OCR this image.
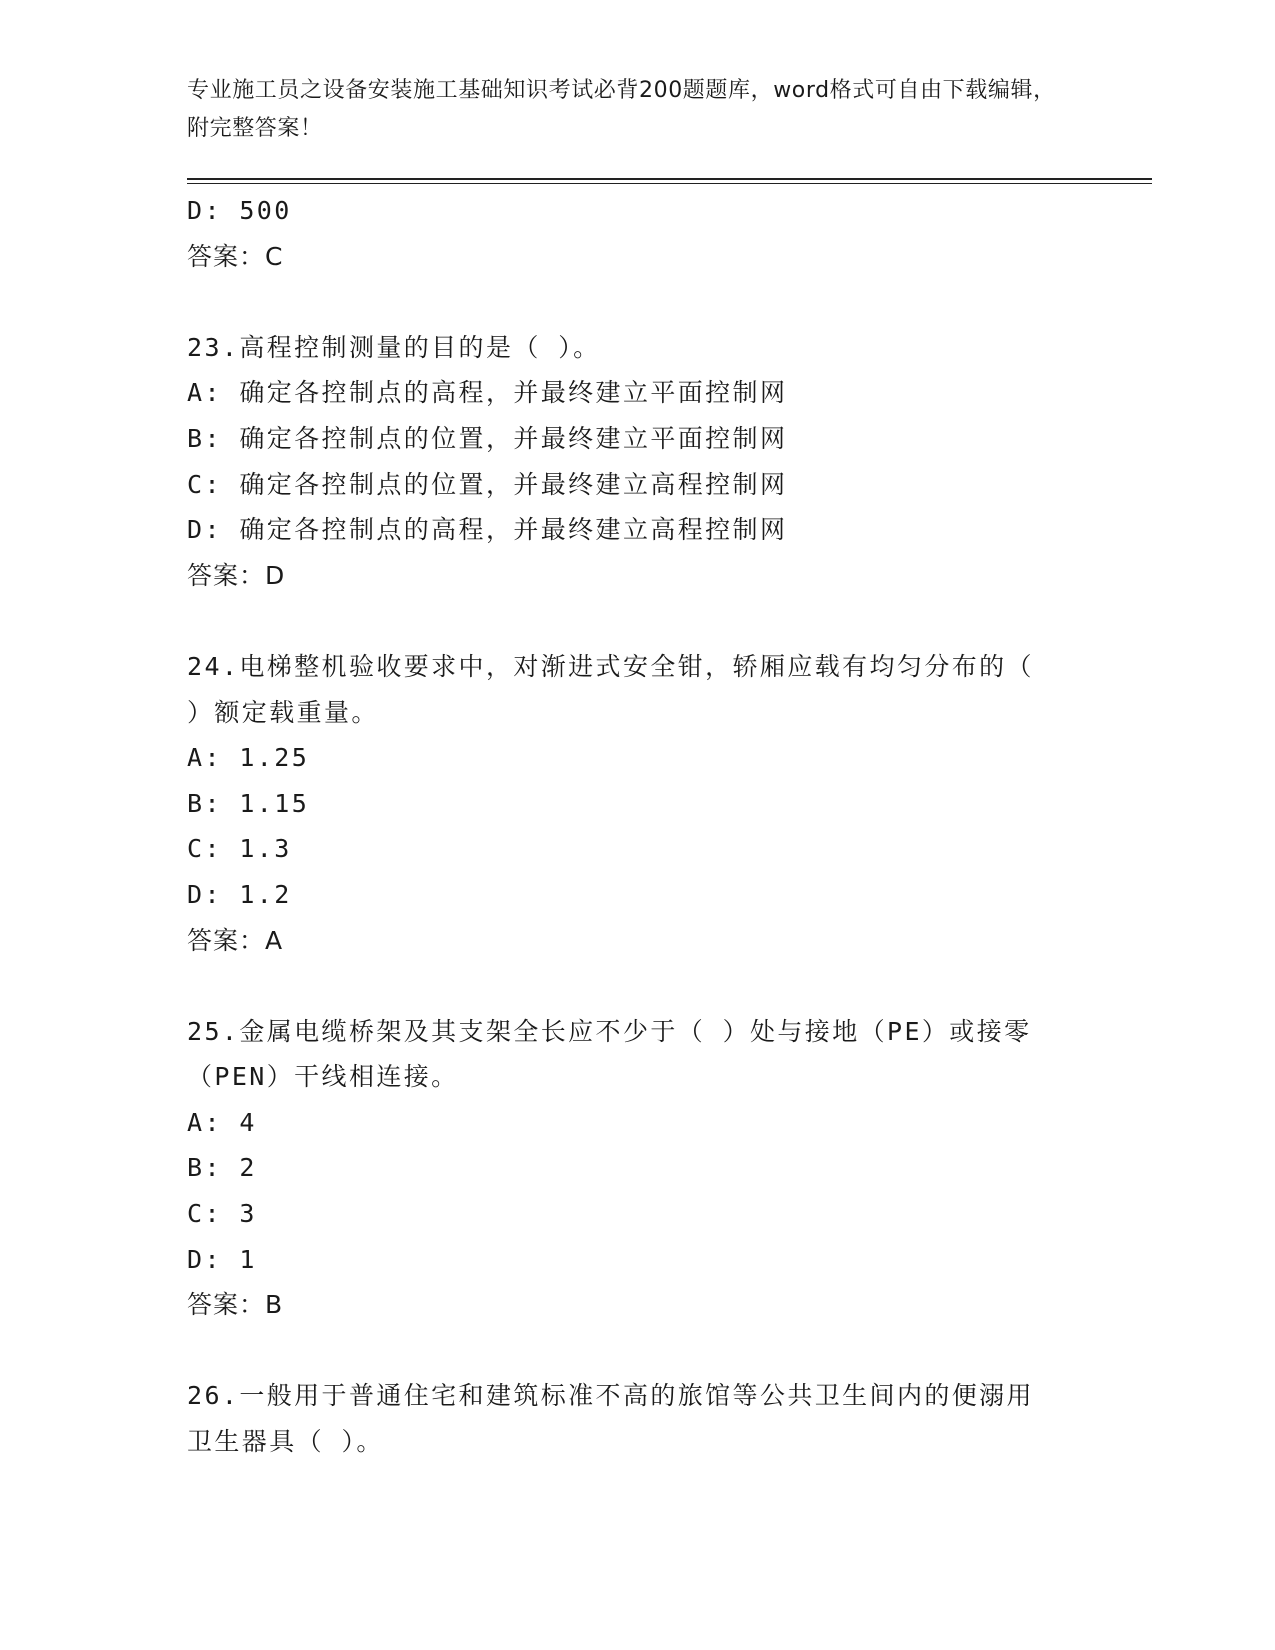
专业施工员之设备安装施工基础知识考试必背200题题库，word格式可自由下载编辑，附完整答案！
D: 500
答案：C
23.高程控制测量的目的是（ ）。
A: 确定各控制点的高程，并最终建立平面控制网
B: 确定各控制点的位置，并最终建立平面控制网
C: 确定各控制点的位置，并最终建立高程控制网
D: 确定各控制点的高程，并最终建立高程控制网
答案：D
24.电梯整机验收要求中，对渐进式安全钳，轿厢应载有均匀分布的（
）额定载重量。
A: 1.25
B: 1.15
C: 1.3
D: 1.2
答案：A
25.金属电缆桥架及其支架全长应不少于（ ）处与接地（PE）或接零
（PEN）干线相连接。
A: 4
B: 2
C: 3
D: 1
答案：B
26.一般用于普通住宅和建筑标准不高的旅馆等公共卫生间内的便溺用
卫生器具（ ）。
